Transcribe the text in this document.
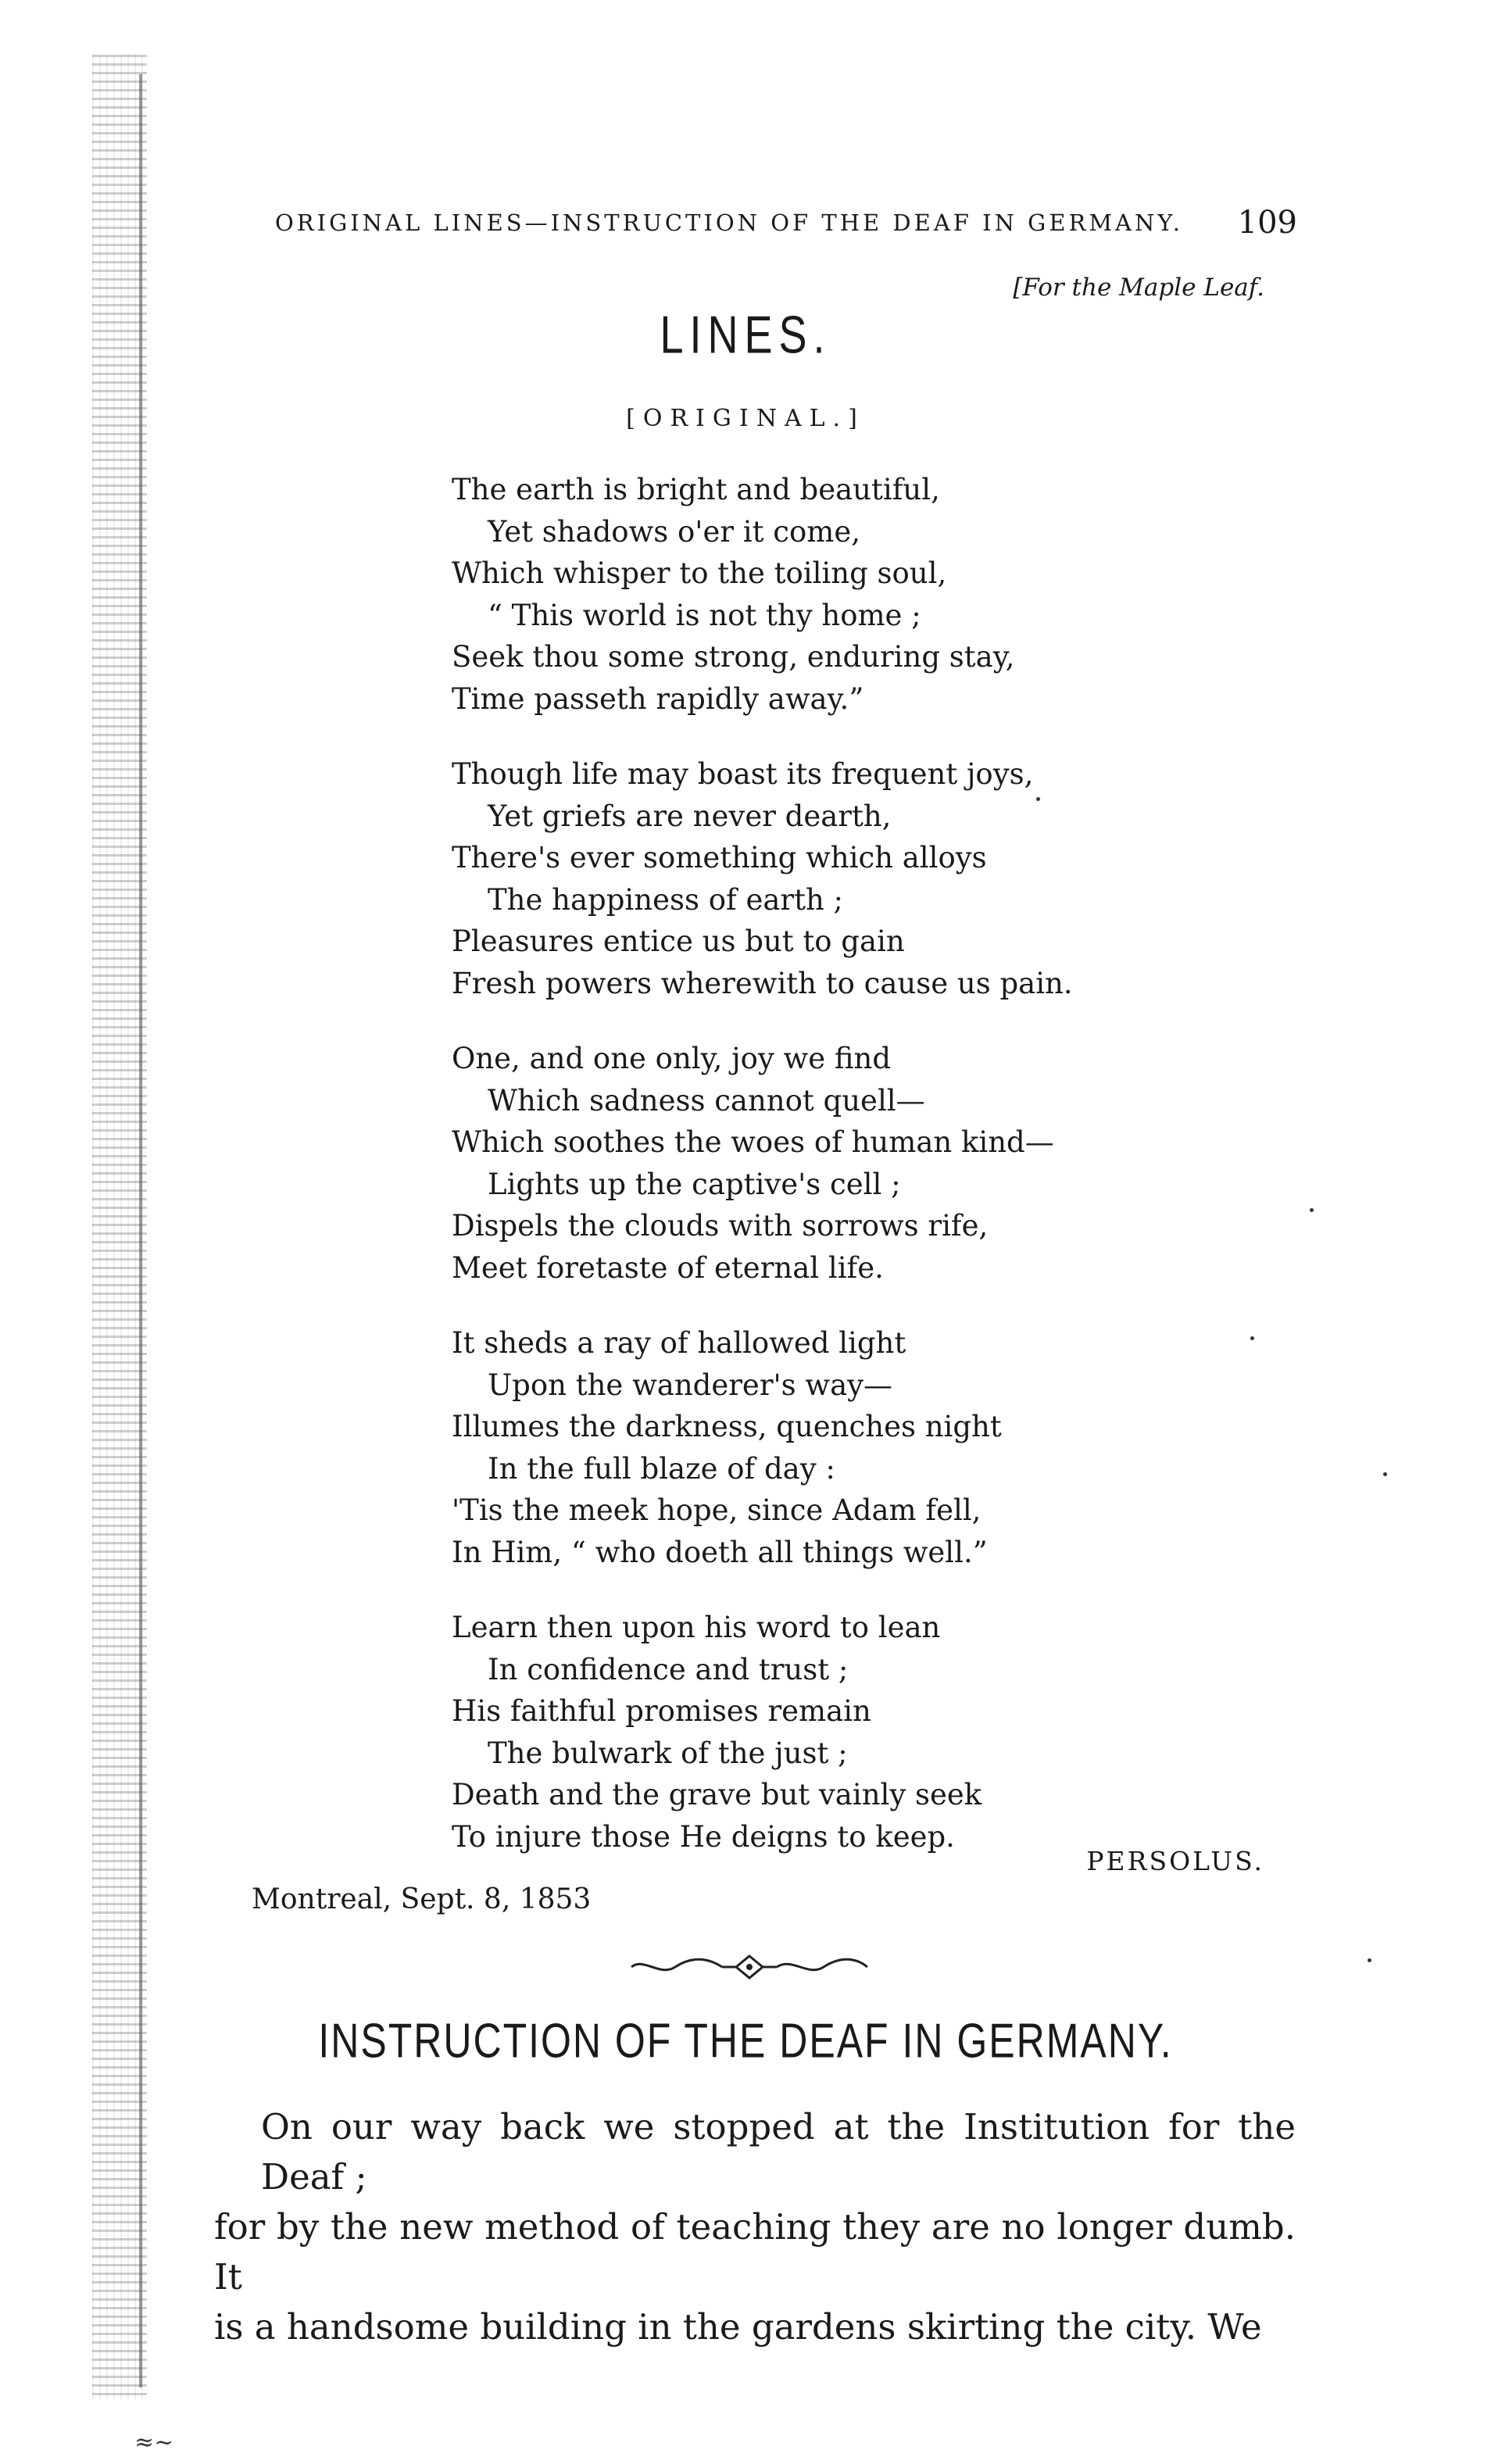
≈~
ORIGINAL LINES—INSTRUCTION OF THE DEAF IN GERMANY. 109
[For the Maple Leaf.
LINES.
[ORIGINAL.]
The earth is bright and beautiful,
Yet shadows o'er it come,
Which whisper to the toiling soul,
“ This world is not thy home ;
Seek thou some strong, enduring stay,
Time passeth rapidly away.”
Though life may boast its frequent joys,
Yet griefs are never dearth,
There's ever something which alloys
The happiness of earth ;
Pleasures entice us but to gain
Fresh powers wherewith to cause us pain.
One, and one only, joy we find
Which sadness cannot quell—
Which soothes the woes of human kind—
Lights up the captive's cell ;
Dispels the clouds with sorrows rife,
Meet foretaste of eternal life.
It sheds a ray of hallowed light
Upon the wanderer's way—
Illumes the darkness, quenches night
In the full blaze of day :
'Tis the meek hope, since Adam fell,
In Him, “ who doeth all things well.”
Learn then upon his word to lean
In confidence and trust ;
His faithful promises remain
The bulwark of the just ;
Death and the grave but vainly seek
To injure those He deigns to keep.
PERSOLUS.
Montreal, Sept. 8, 1853
INSTRUCTION OF THE DEAF IN GERMANY.

On our way back we stopped at the Institution for the Deaf ;

for by the new method of teaching they are no longer dumb. It

is a handsome building in the gardens skirting the city. We
